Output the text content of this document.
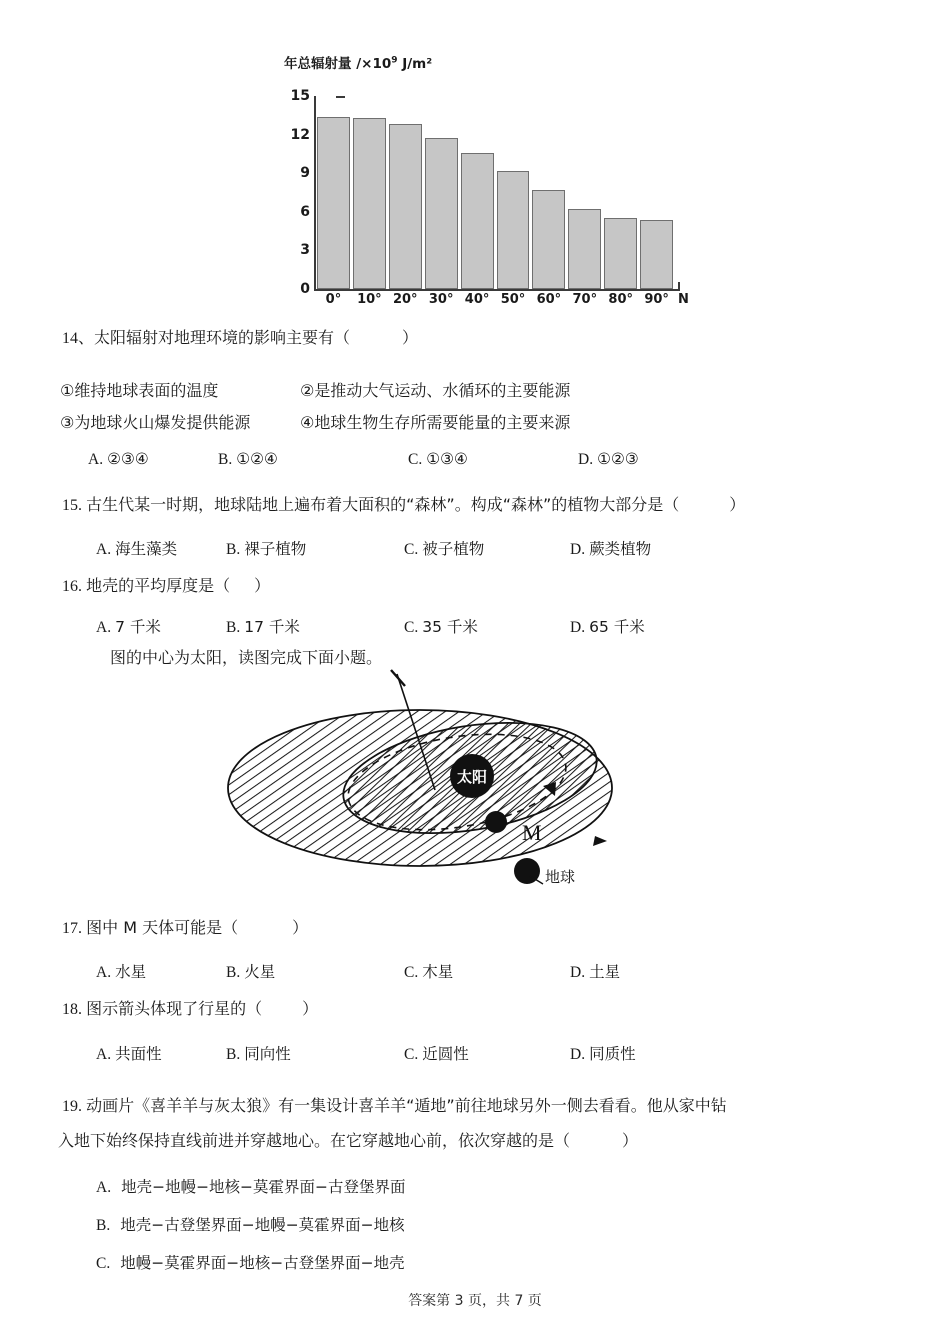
年总辐射量 $/\times 10^9$ J/m²
0
3
6
9
12
15
0°	10° 20° 30° 40° 50° 60° 70° 80° 90° N
14、太阳辐射对地理环境的影响主要有（	）
①维持地球表面的温度	②是推动大气运动、水循环的主要能源
③为地球火山爆发提供能源	④地球生物生存所需要能量的主要来源
A. ②③④	B. ①②④	C. ①③④	D. ①②③
15. 古生代某一时期，地球陆地上遍布着大面积的“森林”。构成“森林”的植物大部分是（	）
A. 海生藻类	B. 裸子植物	C. 被子植物	D. 蕨类植物
16. 地壳的平均厚度是（ ）
A. 7 千米	B. 17 千米	C. 35 千米	D. 65 千米
图的中心为太阳，读图完成下面小题。
太阳
M
地球
17. 图中 M 天体可能是（	）
A. 水星	B. 火星	C. 木星	D. 土星
18. 图示箭头体现了行星的（	）
A. 共面性	B. 同向性	C. 近圆性	D. 同质性
19. 动画片《喜羊羊与灰太狼》有一集设计喜羊羊“遁地”前往地球另外一侧去看看。他从家中钻
入地下始终保持直线前进并穿越地心。在它穿越地心前，依次穿越的是（	）
A. 地壳−地幔−地核−莫霍界面−古登堡界面
B. 地壳−古登堡界面−地幔−莫霍界面−地核
C. 地幔−莫霍界面−地核−古登堡界面−地壳
答案第 3 页，共 7 页
